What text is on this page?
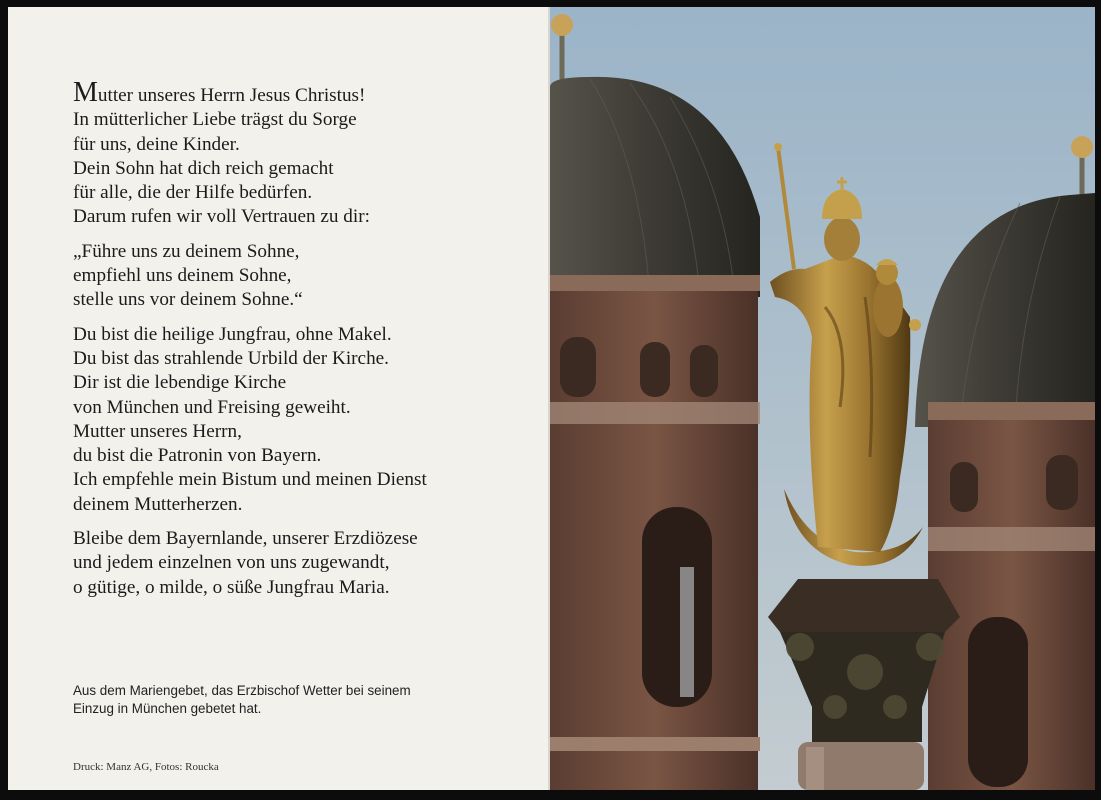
Mutter unseres Herrn Jesus Christus!
In mütterlicher Liebe trägst du Sorge
für uns, deine Kinder.
Dein Sohn hat dich reich gemacht
für alle, die der Hilfe bedürfen.
Darum rufen wir voll Vertrauen zu dir:
„Führe uns zu deinem Sohne,
empfiehl uns deinem Sohne,
stelle uns vor deinem Sohne.“
Du bist die heilige Jungfrau, ohne Makel.
Du bist das strahlende Urbild der Kirche.
Dir ist die lebendige Kirche
von München und Freising geweiht.
Mutter unseres Herrn,
du bist die Patronin von Bayern.
Ich empfehle mein Bistum und meinen Dienst
deinem Mutterherzen.
Bleibe dem Bayernlande, unserer Erzdiözese
und jedem einzelnen von uns zugewandt,
o gütige, o milde, o süße Jungfrau Maria.
Aus dem Mariengebet, das Erzbischof Wetter bei seinem
Einzug in München gebetet hat.
Druck: Manz AG, Fotos: Roucka
